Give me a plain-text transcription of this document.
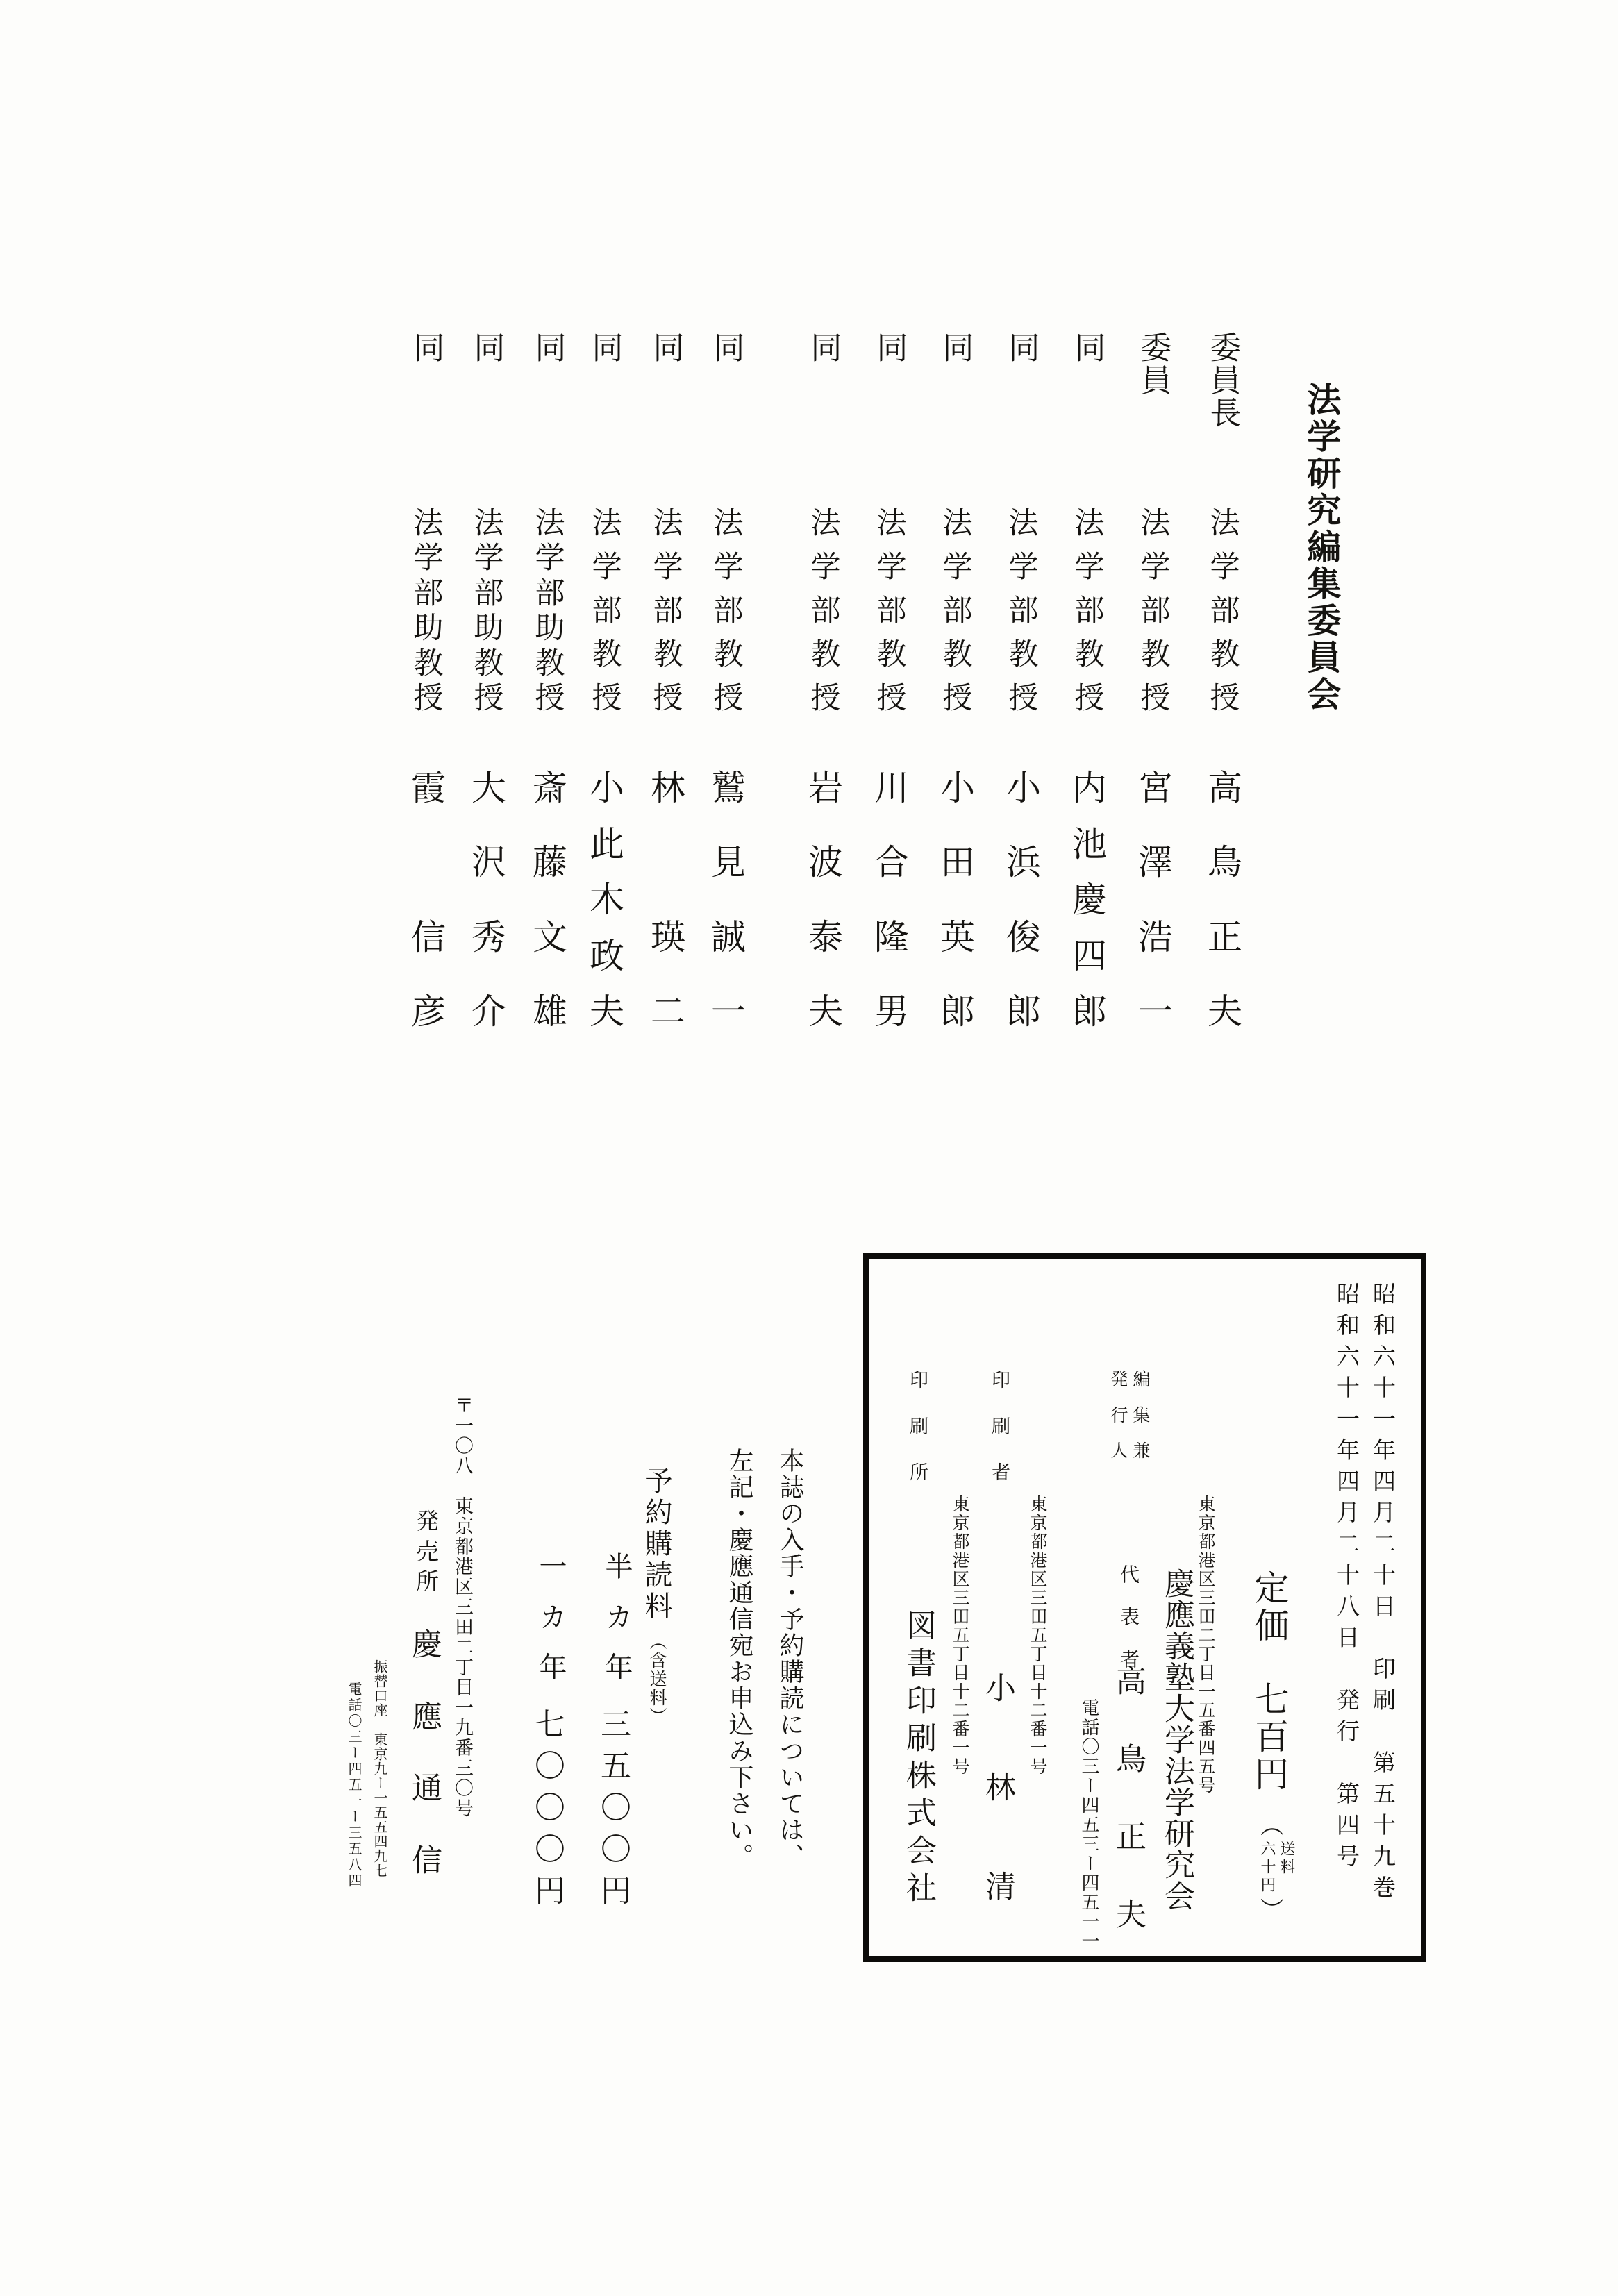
法学研究編集委員会
委員長
法
学
部
教
授
高
鳥
正
夫
委員
法
学
部
教
授
宮
澤
浩
一
同
法
学
部
教
授
内
池
慶
四
郎
同
法
学
部
教
授
小
浜
俊
郎
同
法
学
部
教
授
小
田
英
郎
同
法
学
部
教
授
川
合
隆
男
同
法
学
部
教
授
岩
波
泰
夫
同
法
学
部
教
授
鷲
見
誠
一
同
法
学
部
教
授
林

瑛
二
同
法
学
部
教
授
小
此
木
政
夫
同
法
学
部
助
教
授
斎
藤
文
雄
同
法
学
部
助
教
授
大
沢
秀
介
同
法
学
部
助
教
授
霞

信
彦
昭和六十一年四月二十日　印刷　第五十九巻
昭和六十一年四月二十八日　発行　第四号
定価七百円︵
送料
六十円
︶
東京都港区三田二丁目一五番四五号
編
集
兼
発
行
人
慶應義塾大学法学研究会
代
表
者
高
鳥
正
夫
電話〇三ー四五三ー四五一一
東京都港区三田五丁目十二番一号
印
刷
者
小
林
清
東京都港区三田五丁目十二番一号
印
刷
所
図書印刷株式会社
本誌の入手・予約購読については、
左記・慶應通信宛お申込み下さい。
予約購読料︵含送料︶
半
カ
年
三五〇〇円
一
カ
年
七〇〇〇円
〒一〇八　東京都港区三田二丁目一九番三〇号
発
売
所
慶
應
通
信
振替口座　東京九ー一五五四九七
電話〇三ー四五一ー三五八四
